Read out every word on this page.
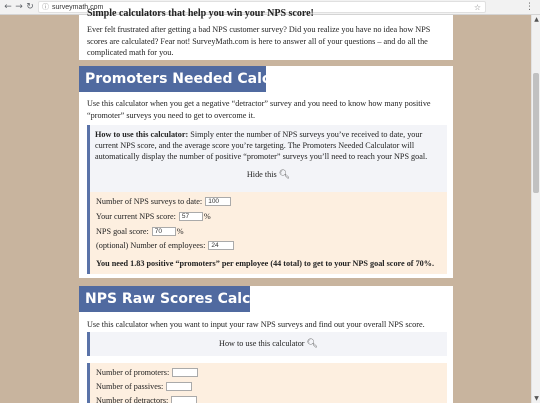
← → ↻	ⓘ surveymath.com	☆	⋮
▲
▼
Simple calculators that help you win your NPS score!
Ever felt frustrated after getting a bad NPS customer survey? Did you realize you have no idea how NPS scores are calculated? Fear not! SurveyMath.com is here to answer all of your questions – and do all the complicated math for you.
Promoters Needed Calculator
Use this calculator when you get a negative “detractor” survey and you need to know how many positive “promoter” surveys you need to get to overcome it.
How to use this calculator: Simply enter the number of NPS surveys you’ve received to date, your current NPS score, and the average score you’re targeting. The Promoters Needed Calculator will automatically display the number of positive “promoter” surveys you’ll need to reach your NPS goal.
Hide this 🔍︎
Number of NPS surveys to date: 100
Your current NPS score: 57	%
NPS goal score: 70	%
(optional) Number of employees: 24
You need 1.83 positive “promoters” per employee (44 total) to get to your NPS goal score of 70%.
NPS Raw Scores Calculator
Use this calculator when you want to input your raw NPS surveys and find out your overall NPS score.
How to use this calculator 🔍︎
Number of promoters:
Number of passives:
Number of detractors:
